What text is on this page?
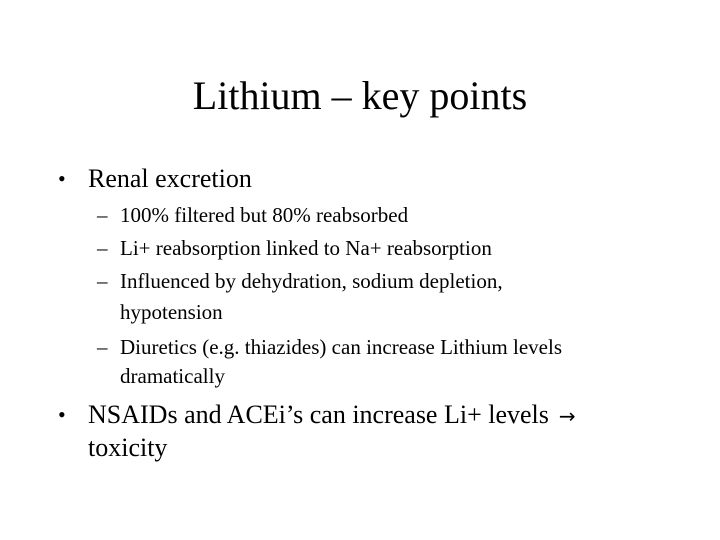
Lithium – key points
• Renal excretion
– 100% filtered but 80% reabsorbed
– Li+ reabsorption linked to Na+ reabsorption
– Influenced by dehydration, sodium depletion,
hypotension
– Diuretics (e.g. thiazides) can increase Lithium levels
dramatically
• NSAIDs and ACEi’s can increase Li+ levels →
toxicity
